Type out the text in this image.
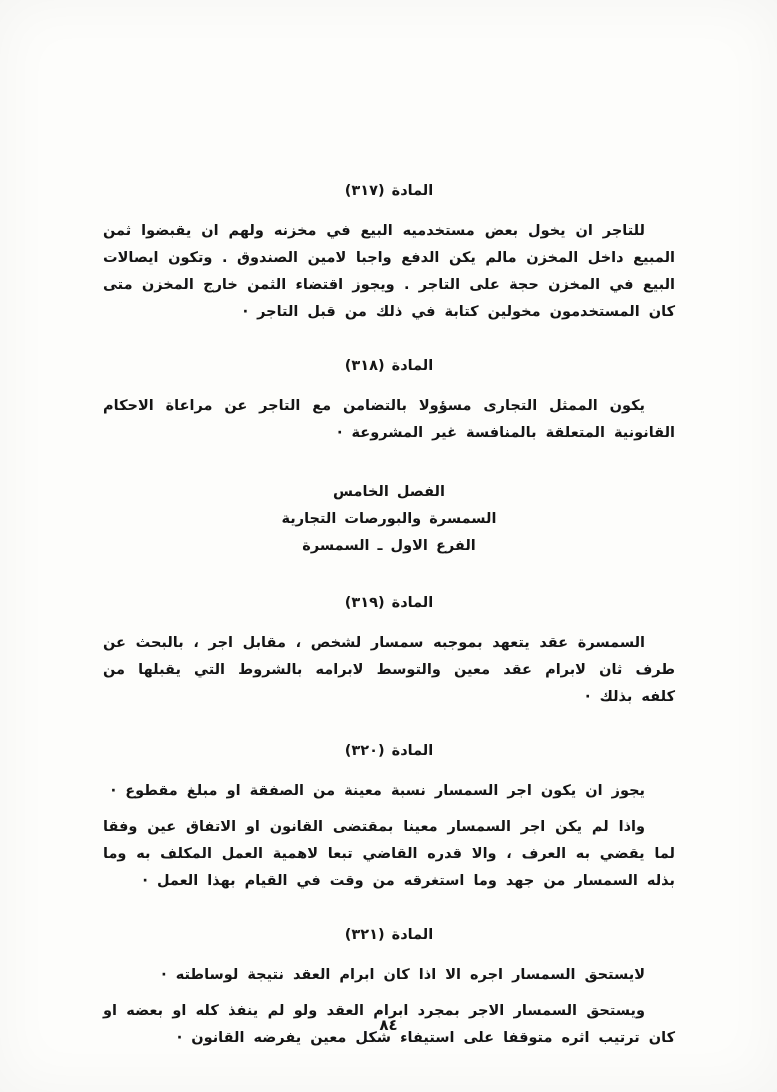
المادة (٣١٧)

للتاجر ان يخول بعض مستخدميه البيع في مخزنه ولهم ان يقبضوا ثمن المبيع داخل المخزن مالم يكن الدفع واجبا لامين الصندوق . وتكون ايصالات البيع في المخزن حجة على التاجر . ويجوز اقتضاء الثمن خارج المخزن متى كان المستخدمون مخولين كتابة في ذلك من قبل التاجر ·

المادة (٣١٨)

يكون الممثل التجارى مسؤولا بالتضامن مع التاجر عن مراعاة الاحكام القانونية المتعلقة بالمنافسة غير المشروعة ·

الفصل الخامس
السمسرة والبورصات التجارية
الفرع الاول ـ السمسرة
المادة (٣١٩)

السمسرة عقد يتعهد بموجبه سمسار لشخص ، مقابل اجر ، بالبحث عن طرف ثان لابرام عقد معين والتوسط لابرامه بالشروط التي يقبلها من كلفه بذلك ·

المادة (٣٢٠)

يجوز ان يكون اجر السمسار نسبة معينة من الصفقة او مبلغ مقطوع ·

واذا لم يكن اجر السمسار معينا بمقتضى القانون او الاتفاق عين وفقا لما يقضي به العرف ، والا قدره القاضي تبعا لاهمية العمل المكلف به وما بذله السمسار من جهد وما استغرقه من وقت في القيام بهذا العمل ·

المادة (٣٢١)

لايستحق السمسار اجره الا اذا كان ابرام العقد نتيجة لوساطته ·

ويستحق السمسار الاجر بمجرد ابرام العقد ولو لم ينفذ كله او بعضه او كان ترتيب اثره متوقفا على استيفاء شكل معين يفرضه القانون ·

٨٤
